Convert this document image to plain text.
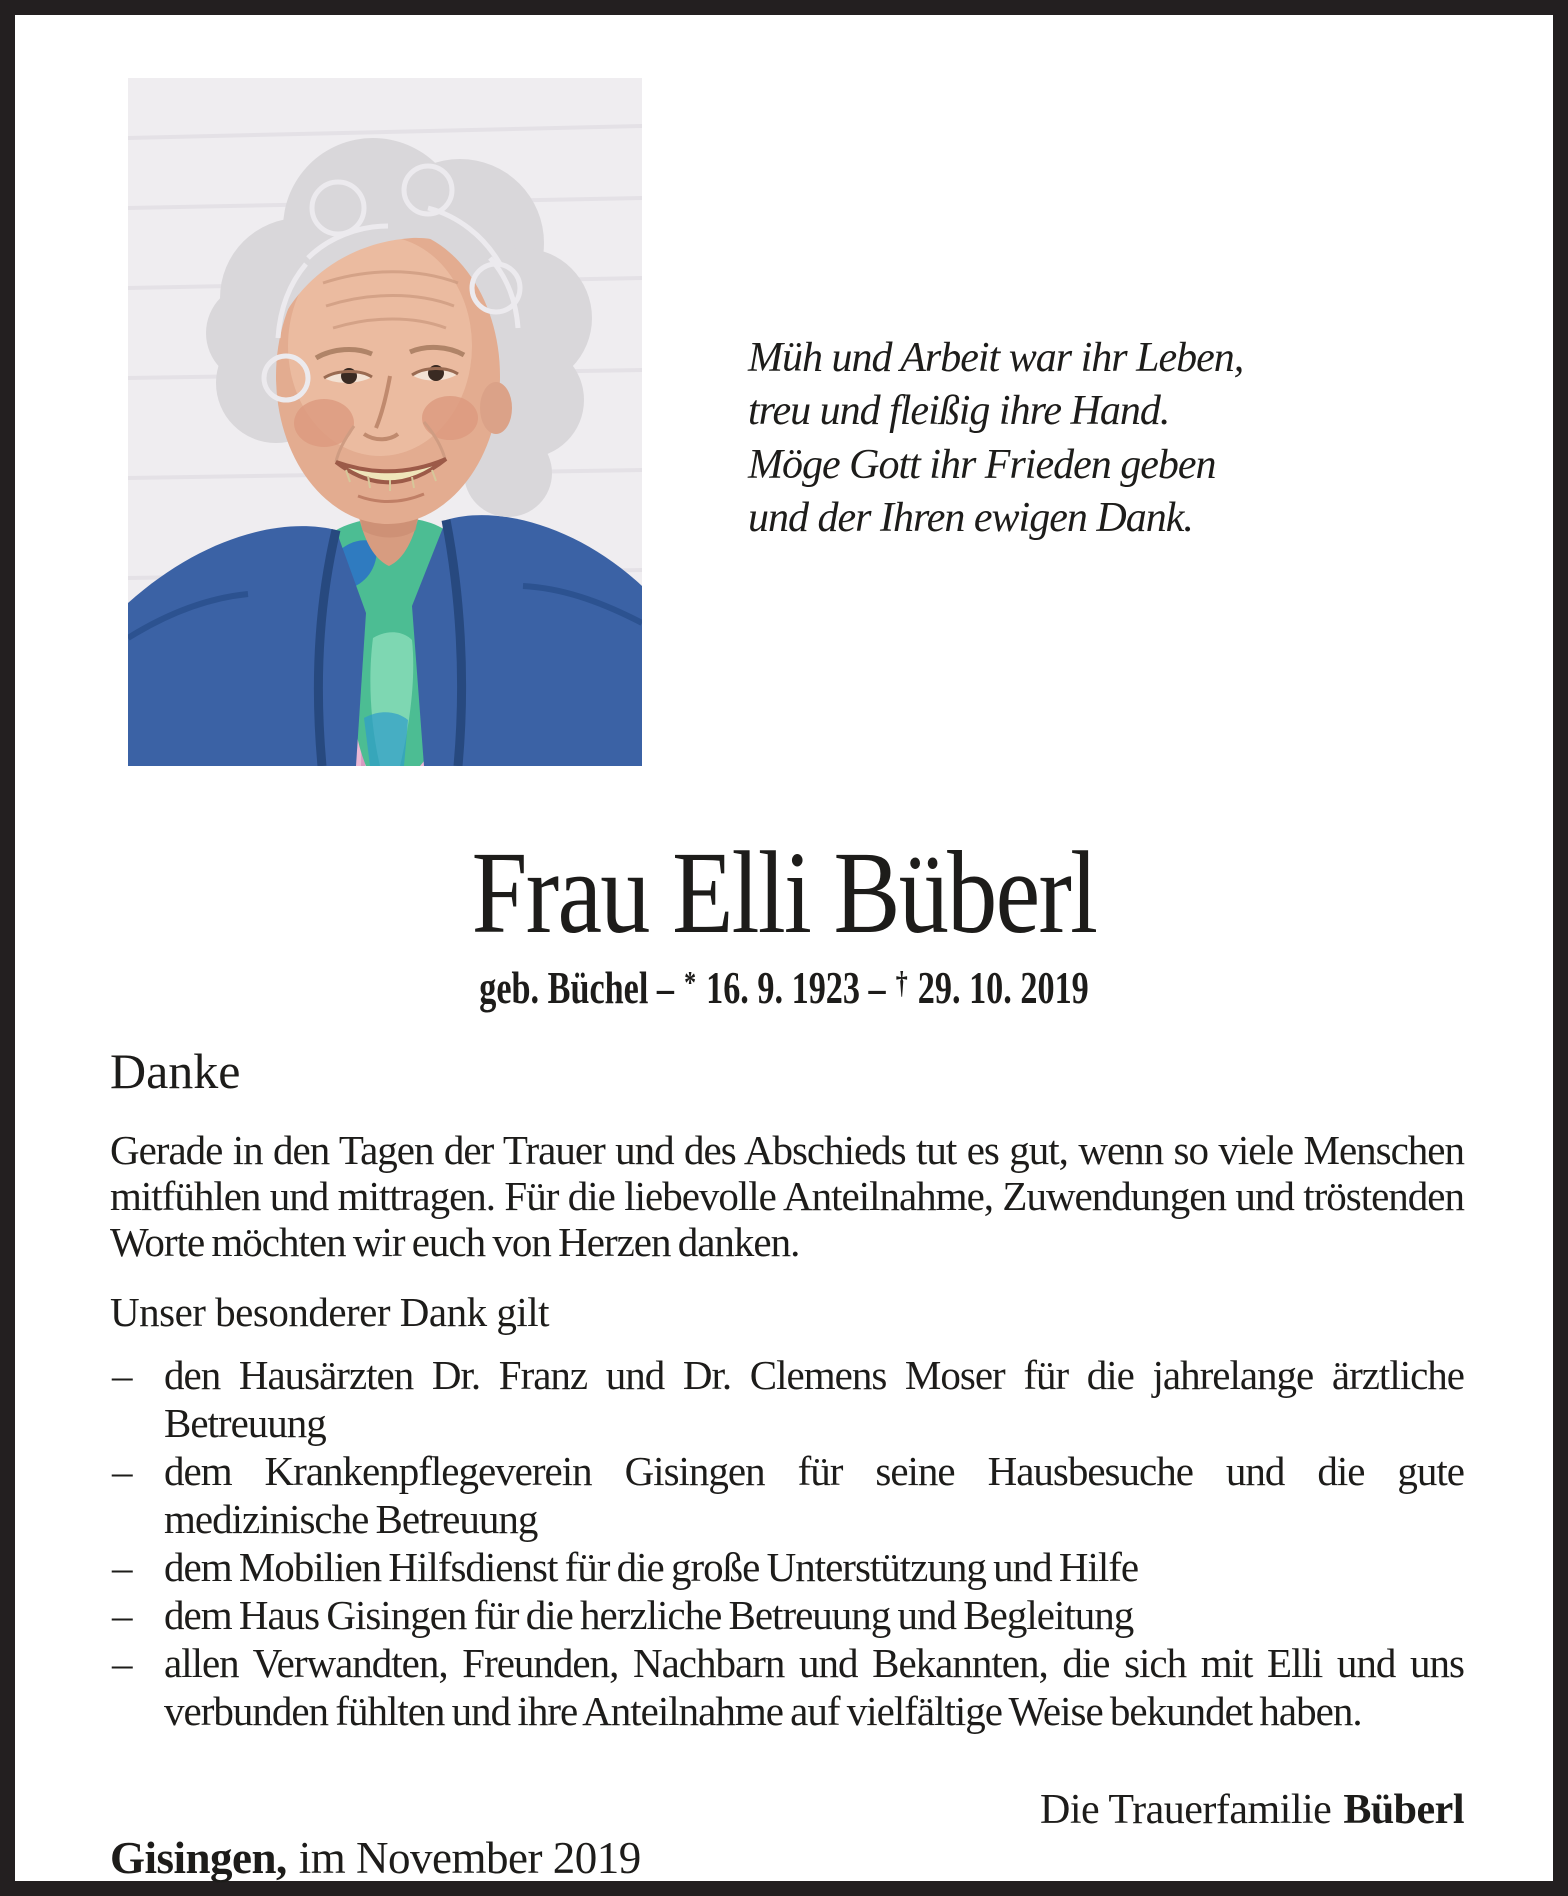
Müh und Arbeit war ihr Leben,
treu und fleißig ihre Hand.
Möge Gott ihr Frieden geben
und der Ihren ewigen Dank.
Frau Elli Büberl
geb. Büchel – * 16. 9. 1923 – † 29. 10. 2019
Danke
Gerade in den Tagen der Trauer und des Abschieds tut es gut, wenn so viele Menschen mitfühlen und mittragen. Für die liebevolle Anteilnahme, Zuwendungen und tröstenden Worte möchten wir euch von Herzen danken.
Unser besonderer Dank gilt
– den Hausärzten Dr. Franz und Dr. Clemens Moser für die jahrelange ärztliche Betreuung
– dem Krankenpflegeverein Gisingen für seine Hausbesuche und die gute medizinische Betreuung
– dem Mobilien Hilfsdienst für die große Unterstützung und Hilfe
– dem Haus Gisingen für die herzliche Betreuung und Begleitung
– allen Verwandten, Freunden, Nachbarn und Bekannten, die sich mit Elli und uns verbunden fühlten und ihre Anteilnahme auf vielfältige Weise bekundet haben.
Die Trauerfamilie Büberl
Gisingen, im November 2019
